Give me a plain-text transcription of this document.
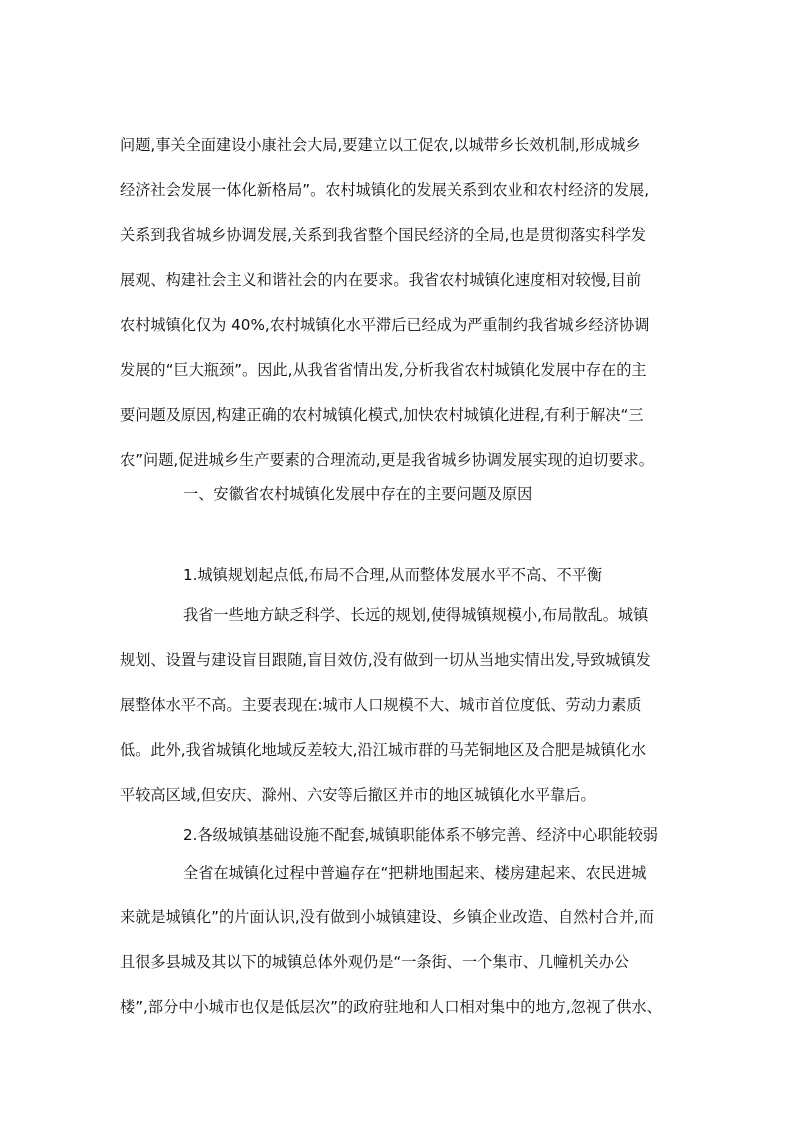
问题,事关全面建设小康社会大局,要建立以工促农,以城带乡长效机制,形成城乡
经济社会发展一体化新格局”。农村城镇化的发展关系到农业和农村经济的发展,
关系到我省城乡协调发展,关系到我省整个国民经济的全局,也是贯彻落实科学发
展观、构建社会主义和谐社会的内在要求。我省农村城镇化速度相对较慢,目前
农村城镇化仅为 40%,农村城镇化水平滞后已经成为严重制约我省城乡经济协调
发展的“巨大瓶颈”。因此,从我省省情出发,分析我省农村城镇化发展中存在的主
要问题及原因,构建正确的农村城镇化模式,加快农村城镇化进程,有利于解决“三
农”问题,促进城乡生产要素的合理流动,更是我省城乡协调发展实现的迫切要求。
一、安徽省农村城镇化发展中存在的主要问题及原因
1.城镇规划起点低,布局不合理,从而整体发展水平不高、不平衡
我省一些地方缺乏科学、长远的规划,使得城镇规模小,布局散乱。城镇
规划、设置与建设盲目跟随,盲目效仿,没有做到一切从当地实情出发,导致城镇发
展整体水平不高。主要表现在:城市人口规模不大、城市首位度低、劳动力素质
低。此外,我省城镇化地域反差较大,沿江城市群的马芜铜地区及合肥是城镇化水
平较高区域,但安庆、滁州、六安等后撤区并市的地区城镇化水平靠后。
2.各级城镇基础设施不配套,城镇职能体系不够完善、经济中心职能较弱
全省在城镇化过程中普遍存在“把耕地围起来、楼房建起来、农民进城
来就是城镇化”的片面认识,没有做到小城镇建设、乡镇企业改造、自然村合并,而
且很多县城及其以下的城镇总体外观仍是“一条街、一个集市、几幢机关办公
楼”,部分中小城市也仅是低层次”的政府驻地和人口相对集中的地方,忽视了供水、
